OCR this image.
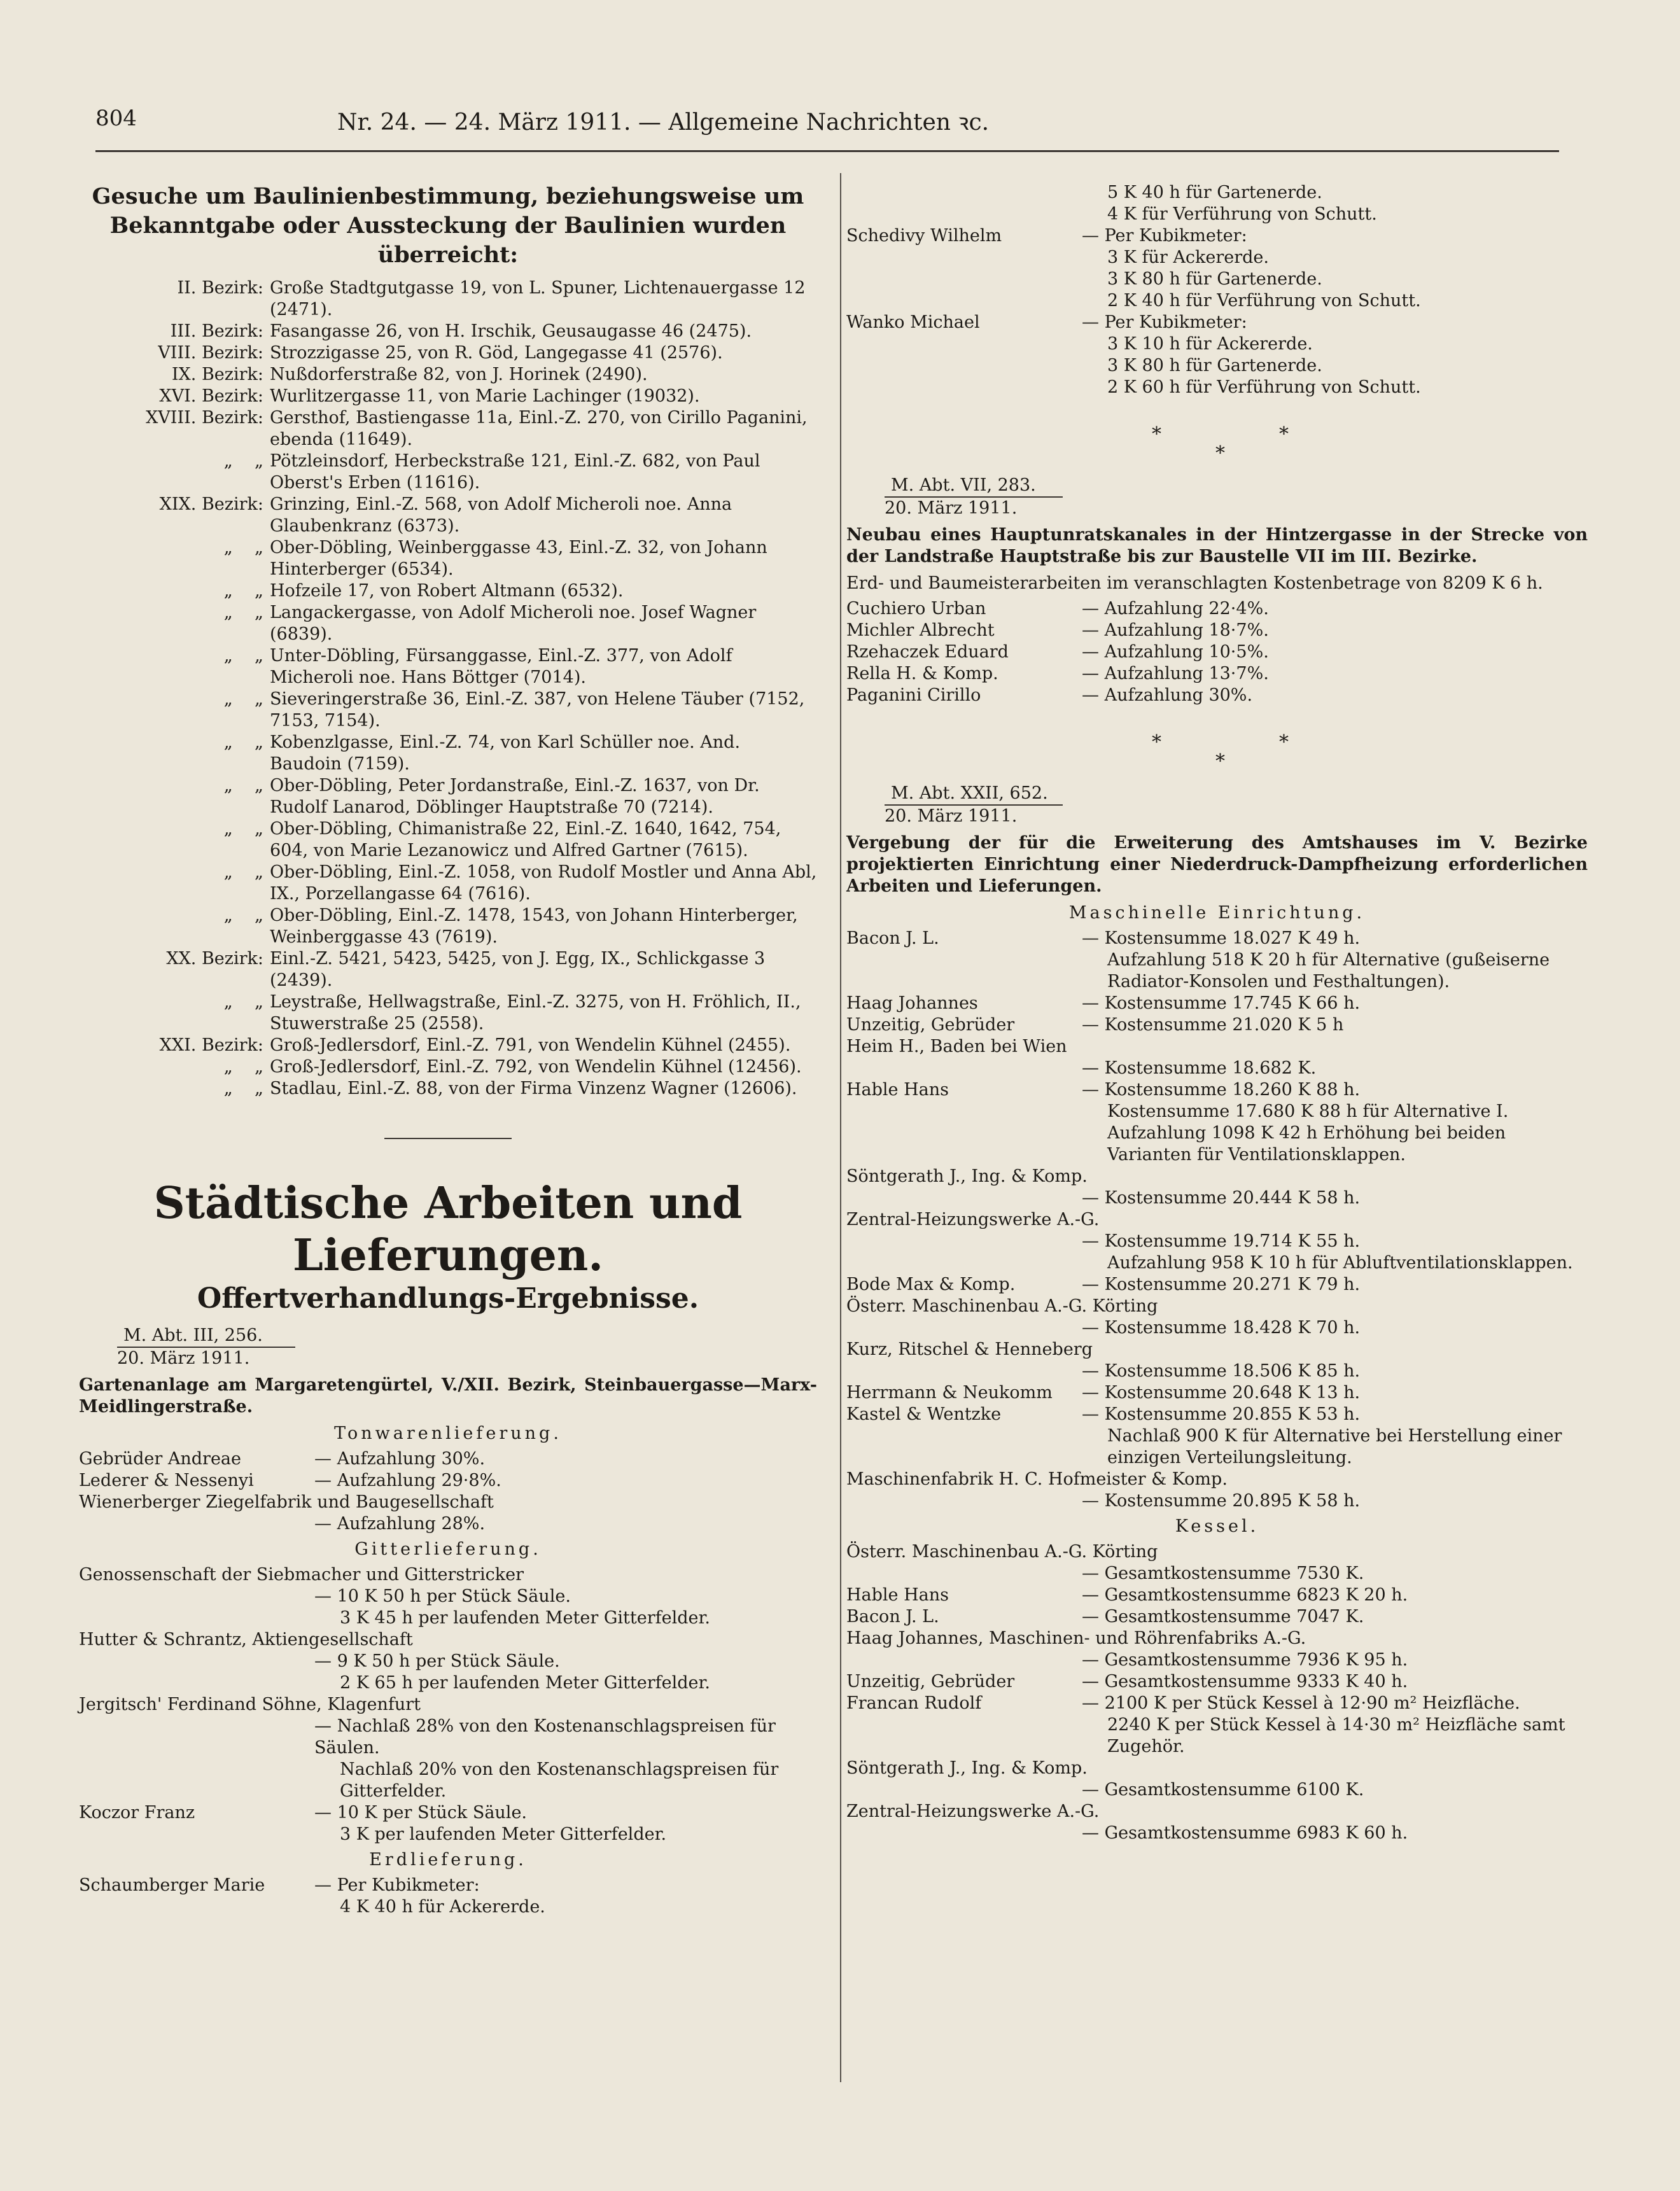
804	Nr. 24. — 24. März 1911. — Allgemeine Nachrichten ꝛc.
Gesuche um Baulinienbestimmung, beziehungsweise um Bekanntgabe oder Aussteckung der Baulinien wurden überreicht:
II. Bezirk: Große Stadtgutgasse 19, von L. Spuner, Lichtenauergasse 12 (2471).
III. Bezirk: Fasangasse 26, von H. Irschik, Geusaugasse 46 (2475).
VIII. Bezirk: Strozzigasse 25, von R. Göd, Langegasse 41 (2576).
IX. Bezirk: Nußdorferstraße 82, von J. Horinek (2490).
XVI. Bezirk: Wurlitzergasse 11, von Marie Lachinger (19032).
XVIII. Bezirk: Gersthof, Bastiengasse 11a, Einl.-Z. 270, von Cirillo Paganini, ebenda (11649).
„    „ Pötzleinsdorf, Herbeckstraße 121, Einl.-Z. 682, von Paul Oberst's Erben (11616).
XIX. Bezirk: Grinzing, Einl.-Z. 568, von Adolf Micheroli noe. Anna Glaubenkranz (6373).
„    „ Ober-Döbling, Weinberggasse 43, Einl.-Z. 32, von Johann Hinterberger (6534).
„    „ Hofzeile 17, von Robert Altmann (6532).
„    „ Langackergasse, von Adolf Micheroli noe. Josef Wagner (6839).
„    „ Unter-Döbling, Fürsanggasse, Einl.-Z. 377, von Adolf Micheroli noe. Hans Böttger (7014).
„    „ Sieveringerstraße 36, Einl.-Z. 387, von Helene Täuber (7152, 7153, 7154).
„    „ Kobenzlgasse, Einl.-Z. 74, von Karl Schüller noe. And. Baudoin (7159).
„    „ Ober-Döbling, Peter Jordanstraße, Einl.-Z. 1637, von Dr. Rudolf Lanarod, Döblinger Hauptstraße 70 (7214).
„    „ Ober-Döbling, Chimanistraße 22, Einl.-Z. 1640, 1642, 754, 604, von Marie Lezanowicz und Alfred Gartner (7615).
„    „ Ober-Döbling, Einl.-Z. 1058, von Rudolf Mostler und Anna Abl, IX., Porzellangasse 64 (7616).
„    „ Ober-Döbling, Einl.-Z. 1478, 1543, von Johann Hinterberger, Weinberggasse 43 (7619).
XX. Bezirk: Einl.-Z. 5421, 5423, 5425, von J. Egg, IX., Schlickgasse 3 (2439).
„    „ Leystraße, Hellwagstraße, Einl.-Z. 3275, von H. Fröhlich, II., Stuwerstraße 25 (2558).
XXI. Bezirk: Groß-Jedlersdorf, Einl.-Z. 791, von Wendelin Kühnel (2455).
„    „ Groß-Jedlersdorf, Einl.-Z. 792, von Wendelin Kühnel (12456).
„    „ Stadlau, Einl.-Z. 88, von der Firma Vinzenz Wagner (12606).
Städtische Arbeiten und Lieferungen.
Offertverhandlungs-Ergebnisse.
M. Abt. III, 256.
20. März 1911.
Gartenanlage am Margaretengürtel, V./XII. Bezirk, Steinbauergasse—Marx-Meidlingerstraße.
Tonwarenlieferung.
Gebrüder Andreae	— Aufzahlung 30%.
Lederer & Nessenyi	— Aufzahlung 29·8%.
Wienerberger Ziegelfabrik und Baugesellschaft
— Aufzahlung 28%.
Gitterlieferung.
Genossenschaft der Siebmacher und Gitterstricker
— 10 K 50 h per Stück Säule.
3 K 45 h per laufenden Meter Gitterfelder.
Hutter & Schrantz, Aktiengesellschaft
— 9 K 50 h per Stück Säule.
2 K 65 h per laufenden Meter Gitterfelder.
Jergitsch' Ferdinand Söhne, Klagenfurt
— Nachlaß 28% von den Kostenanschlagspreisen für Säulen.
Nachlaß 20% von den Kostenanschlagspreisen für Gitterfelder.
Koczor Franz	— 10 K per Stück Säule.
3 K per laufenden Meter Gitterfelder.
Erdlieferung.
Schaumberger Marie	— Per Kubikmeter:
4 K 40 h für Ackererde.
5 K 40 h für Gartenerde.
4 K für Verführung von Schutt.
Schedivy Wilhelm	— Per Kubikmeter:
3 K für Ackererde.
3 K 80 h für Gartenerde.
2 K 40 h für Verführung von Schutt.
Wanko Michael	— Per Kubikmeter:
3 K 10 h für Ackererde.
3 K 80 h für Gartenerde.
2 K 60 h für Verführung von Schutt.
*	*
*
M. Abt. VII, 283.
20. März 1911.
Neubau eines Hauptunratskanales in der Hintzergasse in der Strecke von der Landstraße Hauptstraße bis zur Baustelle VII im III. Bezirke.
Erd- und Baumeisterarbeiten im veranschlagten Kostenbetrage von 8209 K 6 h.
Cuchiero Urban	— Aufzahlung 22·4%.
Michler Albrecht	— Aufzahlung 18·7%.
Rzehaczek Eduard	— Aufzahlung 10·5%.
Rella H. & Komp.	— Aufzahlung 13·7%.
Paganini Cirillo	— Aufzahlung 30%.
*	*
*
M. Abt. XXII, 652.
20. März 1911.
Vergebung der für die Erweiterung des Amtshauses im V. Bezirke projektierten Einrichtung einer Niederdruck-Dampfheizung erforderlichen Arbeiten und Lieferungen.
Maschinelle Einrichtung.
Bacon J. L.	— Kostensumme 18.027 K 49 h.
Aufzahlung 518 K 20 h für Alternative (gußeiserne Radiator-Konsolen und Festhaltungen).
Haag Johannes	— Kostensumme 17.745 K 66 h.
Unzeitig, Gebrüder	— Kostensumme 21.020 K 5 h
Heim H., Baden bei Wien
— Kostensumme 18.682 K.
Hable Hans	— Kostensumme 18.260 K 88 h.
Kostensumme 17.680 K 88 h für Alternative I.
Aufzahlung 1098 K 42 h Erhöhung bei beiden Varianten für Ventilationsklappen.
Söntgerath J., Ing. & Komp.
— Kostensumme 20.444 K 58 h.
Zentral-Heizungswerke A.-G.
— Kostensumme 19.714 K 55 h.
Aufzahlung 958 K 10 h für Abluftventilationsklappen.
Bode Max & Komp.	— Kostensumme 20.271 K 79 h.
Österr. Maschinenbau A.-G. Körting
— Kostensumme 18.428 K 70 h.
Kurz, Ritschel & Henneberg
— Kostensumme 18.506 K 85 h.
Herrmann & Neukomm	— Kostensumme 20.648 K 13 h.
Kastel & Wentzke	— Kostensumme 20.855 K 53 h.
Nachlaß 900 K für Alternative bei Herstellung einer einzigen Verteilungsleitung.
Maschinenfabrik H. C. Hofmeister & Komp.
— Kostensumme 20.895 K 58 h.
Kessel.
Österr. Maschinenbau A.-G. Körting
— Gesamtkostensumme 7530 K.
Hable Hans	— Gesamtkostensumme 6823 K 20 h.
Bacon J. L.	— Gesamtkostensumme 7047 K.
Haag Johannes, Maschinen- und Röhrenfabriks A.-G.
— Gesamtkostensumme 7936 K 95 h.
Unzeitig, Gebrüder	— Gesamtkostensumme 9333 K 40 h.
Francan Rudolf	— 2100 K per Stück Kessel à 12·90 m² Heizfläche.
2240 K per Stück Kessel à 14·30 m² Heizfläche samt Zugehör.
Söntgerath J., Ing. & Komp.
— Gesamtkostensumme 6100 K.
Zentral-Heizungswerke A.-G.
— Gesamtkostensumme 6983 K 60 h.
